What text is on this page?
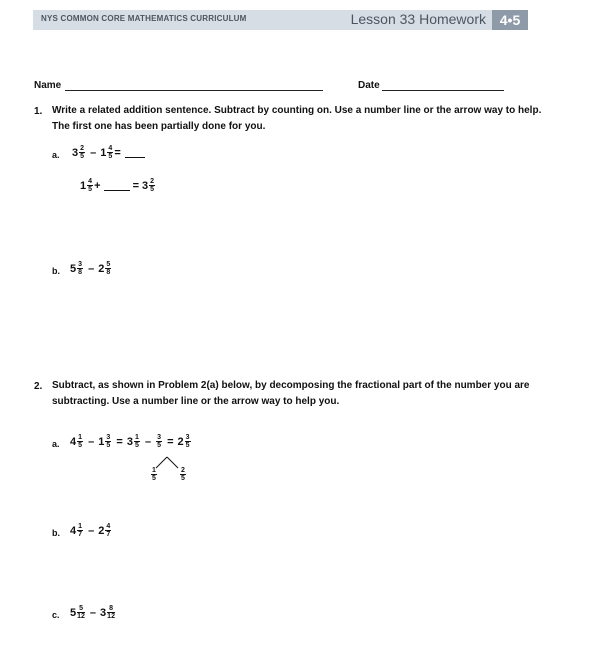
NYS COMMON CORE MATHEMATICS CURRICULUM	Lesson 33 Homework 4•5
Name	Date
1. Write a related addition sentence. Subtract by counting on. Use a number line or the arrow way to help.
The first one has been partially done for you.
a. $3 \frac{2}{5} - 1 \frac{4}{5}$ =
$1 \frac{4}{5}$ +	= $3 \frac{2}{5}$
b. $5 \frac{3}{8} - 2 \frac{5}{8}$
2. Subtract, as shown in Problem 2(a) below, by decomposing the fractional part of the number you are
subtracting. Use a number line or the arrow way to help you.
a. $4 \frac{1}{5} - 1 \frac{3}{5} = 3 \frac{1}{5} - \frac{3}{5} = 2 \frac{3}{5}$
$\frac{1}{5}$	$\frac{2}{5}$
b. $4 \frac{1}{7} - 2 \frac{4}{7}$
c. $5 \frac{5}{12} - 3 \frac{8}{12}$
